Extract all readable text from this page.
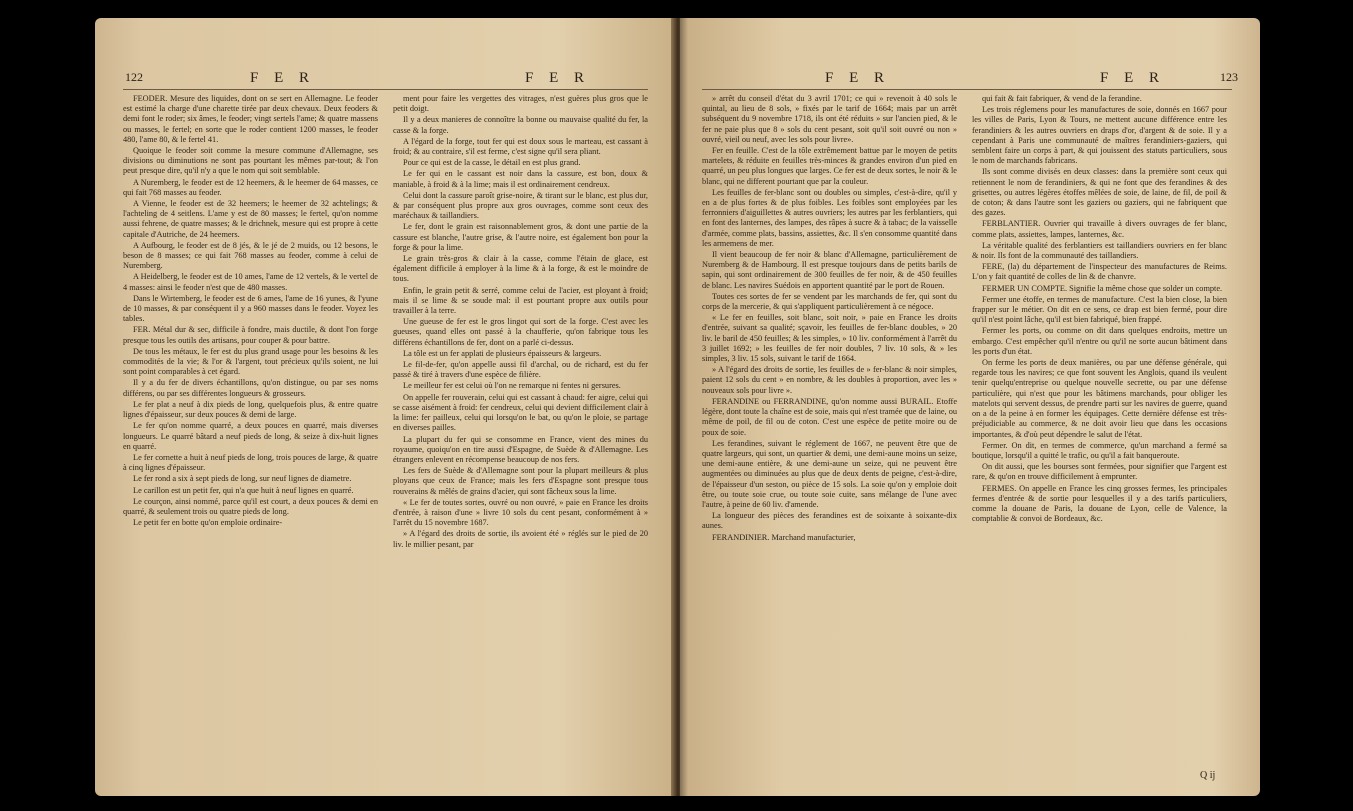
122	F E R	F E R

FEODER. Mesure des liquides, dont on se sert en Allemagne. Le feoder est estimé la charge d'une charette tirée par deux chevaux. Deux feoders & demi font le roder; six âmes, le feoder; vingt sertels l'ame; & quatre massens ou masses, le fertel; en sorte que le roder contient 1200 masses, le feoder 480, l'ame 80, & le fertel 41.

Quoique le feoder soit comme la mesure commune d'Allemagne, ses divisions ou diminutions ne sont pas pourtant les mêmes par-tout; & l'on peut presque dire, qu'il n'y a que le nom qui soit semblable.

A Nuremberg, le feoder est de 12 heemers, & le heemer de 64 masses, ce qui fait 768 masses au feoder.

A Vienne, le feoder est de 32 heemers; le heemer de 32 achtelings; & l'achteling de 4 seitlens. L'ame y est de 80 masses; le fertel, qu'on nomme aussi fehrene, de quatre masses; & le drichnek, mesure qui est propre à cette capitale d'Autriche, de 24 heemers.

A Aufbourg, le feoder est de 8 jés, & le jé de 2 muids, ou 12 besons, le beson de 8 masses; ce qui fait 768 masses au feoder, comme à celui de Nuremberg.

A Heidelberg, le feoder est de 10 ames, l'ame de 12 vertels, & le vertel de 4 masses: ainsi le feoder n'est que de 480 masses.

Dans le Wirtemberg, le feoder est de 6 ames, l'ame de 16 yunes, & l'yune de 10 masses, & par conséquent il y a 960 masses dans le feoder. Voyez les tables.

FER. Métal dur & sec, difficile à fondre, mais ductile, & dont l'on forge presque tous les outils des artisans, pour couper & pour battre.

De tous les métaux, le fer est du plus grand usage pour les besoins & les commodités de la vie; & l'or & l'argent, tout précieux qu'ils soient, ne lui sont point comparables à cet égard.

Il y a du fer de divers échantillons, qu'on distingue, ou par ses noms différens, ou par ses différentes longueurs & grosseurs.

Le fer plat a neuf à dix pieds de long, quelquefois plus, & entre quatre lignes d'épaisseur, sur deux pouces & demi de large.

Le fer qu'on nomme quarré, a deux pouces en quarré, mais diverses longueurs. Le quarré bâtard a neuf pieds de long, & seize à dix-huit lignes en quarré.

Le fer cornette a huit à neuf pieds de long, trois pouces de large, & quatre à cinq lignes d'épaisseur.

Le fer rond a six à sept pieds de long, sur neuf lignes de diametre.

Le carillon est un petit fer, qui n'a que huit à neuf lignes en quarré.

Le courçon, ainsi nommé, parce qu'il est court, a deux pouces & demi en quarré, & seulement trois ou quatre pieds de long.

Le petit fer en botte qu'on emploie ordinaire-

ment pour faire les vergettes des vitrages, n'est guères plus gros que le petit doigt.

Il y a deux manieres de connoître la bonne ou mauvaise qualité du fer, la casse & la forge.

A l'égard de la forge, tout fer qui est doux sous le marteau, est cassant à froid; & au contraire, s'il est ferme, c'est signe qu'il sera pliant.

Pour ce qui est de la casse, le détail en est plus grand.

Le fer qui en le cassant est noir dans la cassure, est bon, doux & maniable, à froid & à la lime; mais il est ordinairement cendreux.

Celui dont la cassure paroît grise-noire, & tirant sur le blanc, est plus dur, & par conséquent plus propre aux gros ouvrages, comme sont ceux des maréchaux & taillandiers.

Le fer, dont le grain est raisonnablement gros, & dont une partie de la cassure est blanche, l'autre grise, & l'autre noire, est également bon pour la forge & pour la lime.

Le grain très-gros & clair à la casse, comme l'étain de glace, est également difficile à employer à la lime & à la forge, & est le moindre de tous.

Enfin, le grain petit & serré, comme celui de l'acier, est ployant à froid; mais il se lime & se soude mal: il est pourtant propre aux outils pour travailler à la terre.

Une gueuse de fer est le gros lingot qui sort de la forge. C'est avec les gueuses, quand elles ont passé à la chaufferie, qu'on fabrique tous les différens échantillons de fer, dont on a parlé ci-dessus.

La tôle est un fer applati de plusieurs épaisseurs & largeurs.

Le fil-de-fer, qu'on appelle aussi fil d'archal, ou de richard, est du fer passé & tiré à travers d'une espèce de filière.

Le meilleur fer est celui où l'on ne remarque ni fentes ni gersures.

On appelle fer rouverain, celui qui est cassant à chaud: fer aigre, celui qui se casse aisément à froid: fer cendreux, celui qui devient difficilement clair à la lime: fer pailleux, celui qui lorsqu'on le bat, ou qu'on le ploie, se partage en diverses pailles.

La plupart du fer qui se consomme en France, vient des mines du royaume, quoiqu'on en tire aussi d'Espagne, de Suède & d'Allemagne. Les étrangers enlevent en récompense beaucoup de nos fers.

Les fers de Suède & d'Allemagne sont pour la plupart meilleurs & plus ployans que ceux de France; mais les fers d'Espagne sont presque tous rouverains & mêlés de grains d'acier, qui sont fâcheux sous la lime.

« Le fer de toutes sortes, ouvré ou non ouvré, » paie en France les droits d'entrée, à raison d'une » livre 10 sols du cent pesant, conformément à » l'arrêt du 15 novembre 1687.

» A l'égard des droits de sortie, ils avoient été » réglés sur le pied de 20 liv. le millier pesant, par

F E R	F E R	123

» arrêt du conseil d'état du 3 avril 1701; ce qui » revenoit à 40 sols le quintal, au lieu de 8 sols, » fixés par le tarif de 1664; mais par un arrêt subséquent du 9 novembre 1718, ils ont été réduits » sur l'ancien pied, & le fer ne paie plus que 8 » sols du cent pesant, soit qu'il soit ouvré ou non » ouvré, vieil ou neuf, avec les sols pour livre».

Fer en feuille. C'est de la tôle extrêmement battue par le moyen de petits martelets, & réduite en feuilles très-minces & grandes environ d'un pied en quarré, un peu plus longues que larges. Ce fer est de deux sortes, le noir & le blanc, qui ne different pourtant que par la couleur.

Les feuilles de fer-blanc sont ou doubles ou simples, c'est-à-dire, qu'il y en a de plus fortes & de plus foibles. Les foibles sont employées par les ferronniers d'aiguillettes & autres ouvriers; les autres par les ferblantiers, qui en font des lanternes, des lampes, des râpes à sucre & à tabac; de la vaisselle d'armée, comme plats, bassins, assiettes, &c. Il s'en consomme quantité dans les armemens de mer.

Il vient beaucoup de fer noir & blanc d'Allemagne, particulièrement de Nuremberg & de Hambourg. Il est presque toujours dans de petits barils de sapin, qui sont ordinairement de 300 feuilles de fer noir, & de 450 feuilles de blanc. Les navires Suédois en apportent quantité par le port de Rouen.

Toutes ces sortes de fer se vendent par les marchands de fer, qui sont du corps de la mercerie, & qui s'appliquent particulièrement à ce négoce.

« Le fer en feuilles, soit blanc, soit noir, » paie en France les droits d'entrée, suivant sa qualité; sçavoir, les feuilles de fer-blanc doubles, » 20 liv. le baril de 450 feuilles; & les simples, » 10 liv. conformément à l'arrêt du 3 juillet 1692; » les feuilles de fer noir doubles, 7 liv. 10 sols, & » les simples, 3 liv. 15 sols, suivant le tarif de 1664.

» A l'égard des droits de sortie, les feuilles de » fer-blanc & noir simples, paient 12 sols du cent » en nombre, & les doubles à proportion, avec les » nouveaux sols pour livre ».

FERANDINE ou FERRANDINE, qu'on nomme aussi BURAIL. Etoffe légère, dont toute la chaîne est de soie, mais qui n'est tramée que de laine, ou même de poil, de fil ou de coton. C'est une espèce de petite moire ou de poux de soie.

Les ferandines, suivant le réglement de 1667, ne peuvent être que de quatre largeurs, qui sont, un quartier & demi, une demi-aune moins un seize, une demi-aune entière, & une demi-aune un seize, qui ne peuvent être augmentées ou diminuées au plus que de deux dents de peigne, c'est-à-dire, de l'épaisseur d'un seston, ou pièce de 15 sols. La soie qu'on y emploie doit être, ou toute soie crue, ou toute soie cuite, sans mélange de l'une avec l'autre, à peine de 60 liv. d'amende.

La longueur des pièces des ferandines est de soixante à soixante-dix aunes.

FERANDINIER. Marchand manufacturier,

qui fait & fait fabriquer, & vend de la ferandine.

Les trois réglemens pour les manufactures de soie, donnés en 1667 pour les villes de Paris, Lyon & Tours, ne mettent aucune différence entre les ferandiniers & les autres ouvriers en draps d'or, d'argent & de soie. Il y a cependant à Paris une communauté de maîtres ferandiniers-gaziers, qui semblent faire un corps à part, & qui jouissent des statuts particuliers, sous le nom de marchands fabricans.

Ils sont comme divisés en deux classes: dans la première sont ceux qui retiennent le nom de ferandiniers, & qui ne font que des ferandines & des grisettes, ou autres légères étoffes mêlées de soie, de laine, de fil, de poil & de coton; & dans l'autre sont les gaziers ou gaziers, qui ne fabriquent que des gazes.

FERBLANTIER. Ouvrier qui travaille à divers ouvrages de fer blanc, comme plats, assiettes, lampes, lanternes, &c.

La véritable qualité des ferblantiers est taillandiers ouvriers en fer blanc & noir. Ils font de la communauté des taillandiers.

FERE, (la) du département de l'inspecteur des manufactures de Reims. L'on y fait quantité de colles de lin & de chanvre.

FERMER UN COMPTE. Signifie la même chose que solder un compte.

Fermer une étoffe, en termes de manufacture. C'est la bien close, la bien frapper sur le métier. On dit en ce sens, ce drap est bien fermé, pour dire qu'il n'est point lâche, qu'il est bien fabriqué, bien frappé.

Fermer les ports, ou comme on dit dans quelques endroits, mettre un embargo. C'est empêcher qu'il n'entre ou qu'il ne sorte aucun bâtiment dans les ports d'un état.

On ferme les ports de deux manières, ou par une défense générale, qui regarde tous les navires; ce que font souvent les Anglois, quand ils veulent tenir quelqu'entreprise ou quelque nouvelle secrette, ou par une défense particulière, qui n'est que pour les bâtimens marchands, pour obliger les matelots qui servent dessus, de prendre parti sur les navires de guerre, quand on a de la peine à en former les équipages. Cette dernière défense est très-préjudiciable au commerce, & ne doit avoir lieu que dans les occasions importantes, & d'où peut dépendre le salut de l'état.

Fermer. On dit, en termes de commerce, qu'un marchand a fermé sa boutique, lorsqu'il a quitté le trafic, ou qu'il a fait banqueroute.

On dit aussi, que les bourses sont fermées, pour signifier que l'argent est rare, & qu'on en trouve difficilement à emprunter.

FERMES. On appelle en France les cinq grosses fermes, les principales fermes d'entrée & de sortie pour lesquelles il y a des tarifs particuliers, comme la douane de Paris, la douane de Lyon, celle de Valence, la comptablie & convoi de Bordeaux, &c.

Q ij
